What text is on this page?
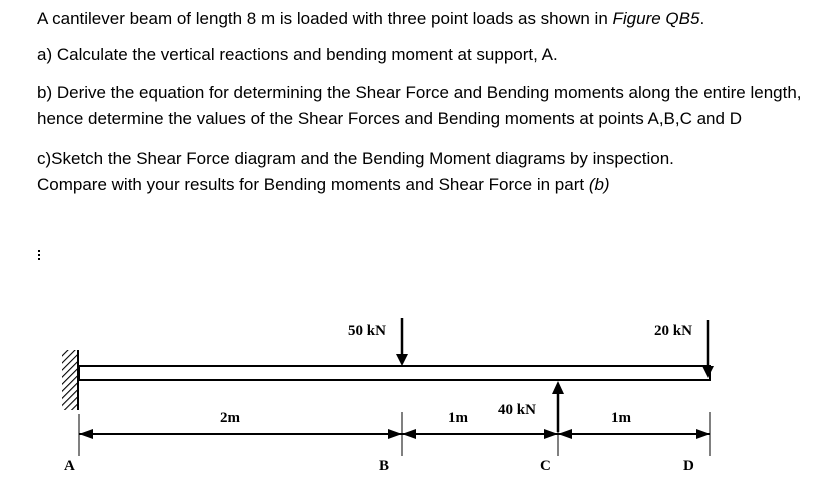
A cantilever beam of length 8 m is loaded with three point loads as shown in Figure QB5.

a) Calculate the vertical reactions and bending moment at support, A.

b) Derive the equation for determining the Shear Force and Bending moments along the entire length, hence determine the values of the Shear Forces and Bending moments at points A,B,C and D

c)Sketch the Shear Force diagram and the Bending Moment diagrams by inspection.

Compare with your results for Bending moments and Shear Force in part (b)

50 kN	20 kN
40 kN
2m	1m	1m
A	B	C	D
